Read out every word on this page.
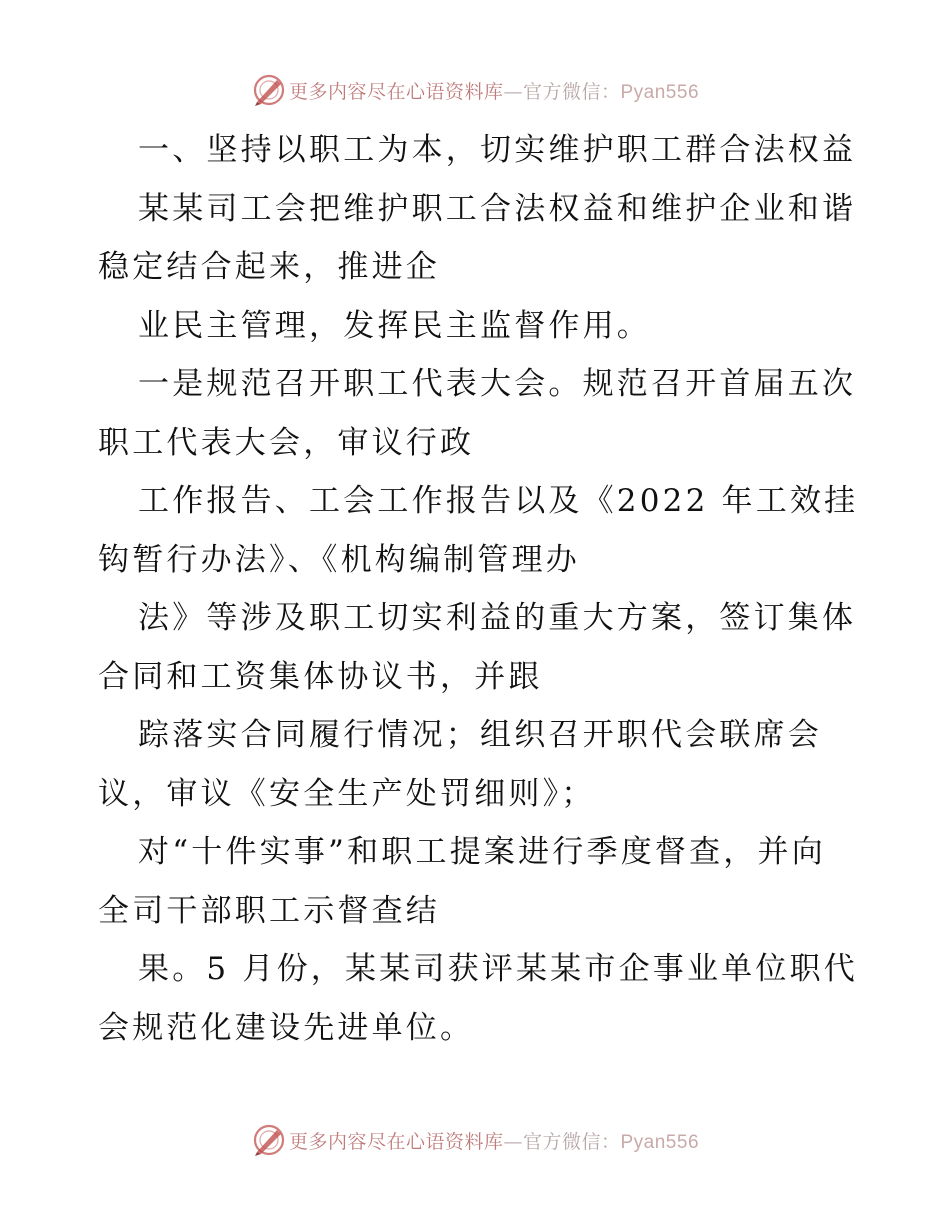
更多内容尽在心语资料库—官方微信：Pyan556
一、坚持以职工为本，切实维护职工群合法权益
某某司工会把维护职工合法权益和维护企业和谐
稳定结合起来，推进企
业民主管理，发挥民主监督作用。
一是规范召开职工代表大会。规范召开首届五次
职工代表大会，审议行政
工作报告、工会工作报告以及《2022 年工效挂
钩暂行办法》、《机构编制管理办
法》等涉及职工切实利益的重大方案，签订集体
合同和工资集体协议书，并跟
踪落实合同履行情况；组织召开职代会联席会
议，审议《安全生产处罚细则》；
对“十件实事”和职工提案进行季度督查，并向
全司干部职工示督查结
果。5 月份，某某司获评某某市企事业单位职代
会规范化建设先进单位。
更多内容尽在心语资料库—官方微信：Pyan556
